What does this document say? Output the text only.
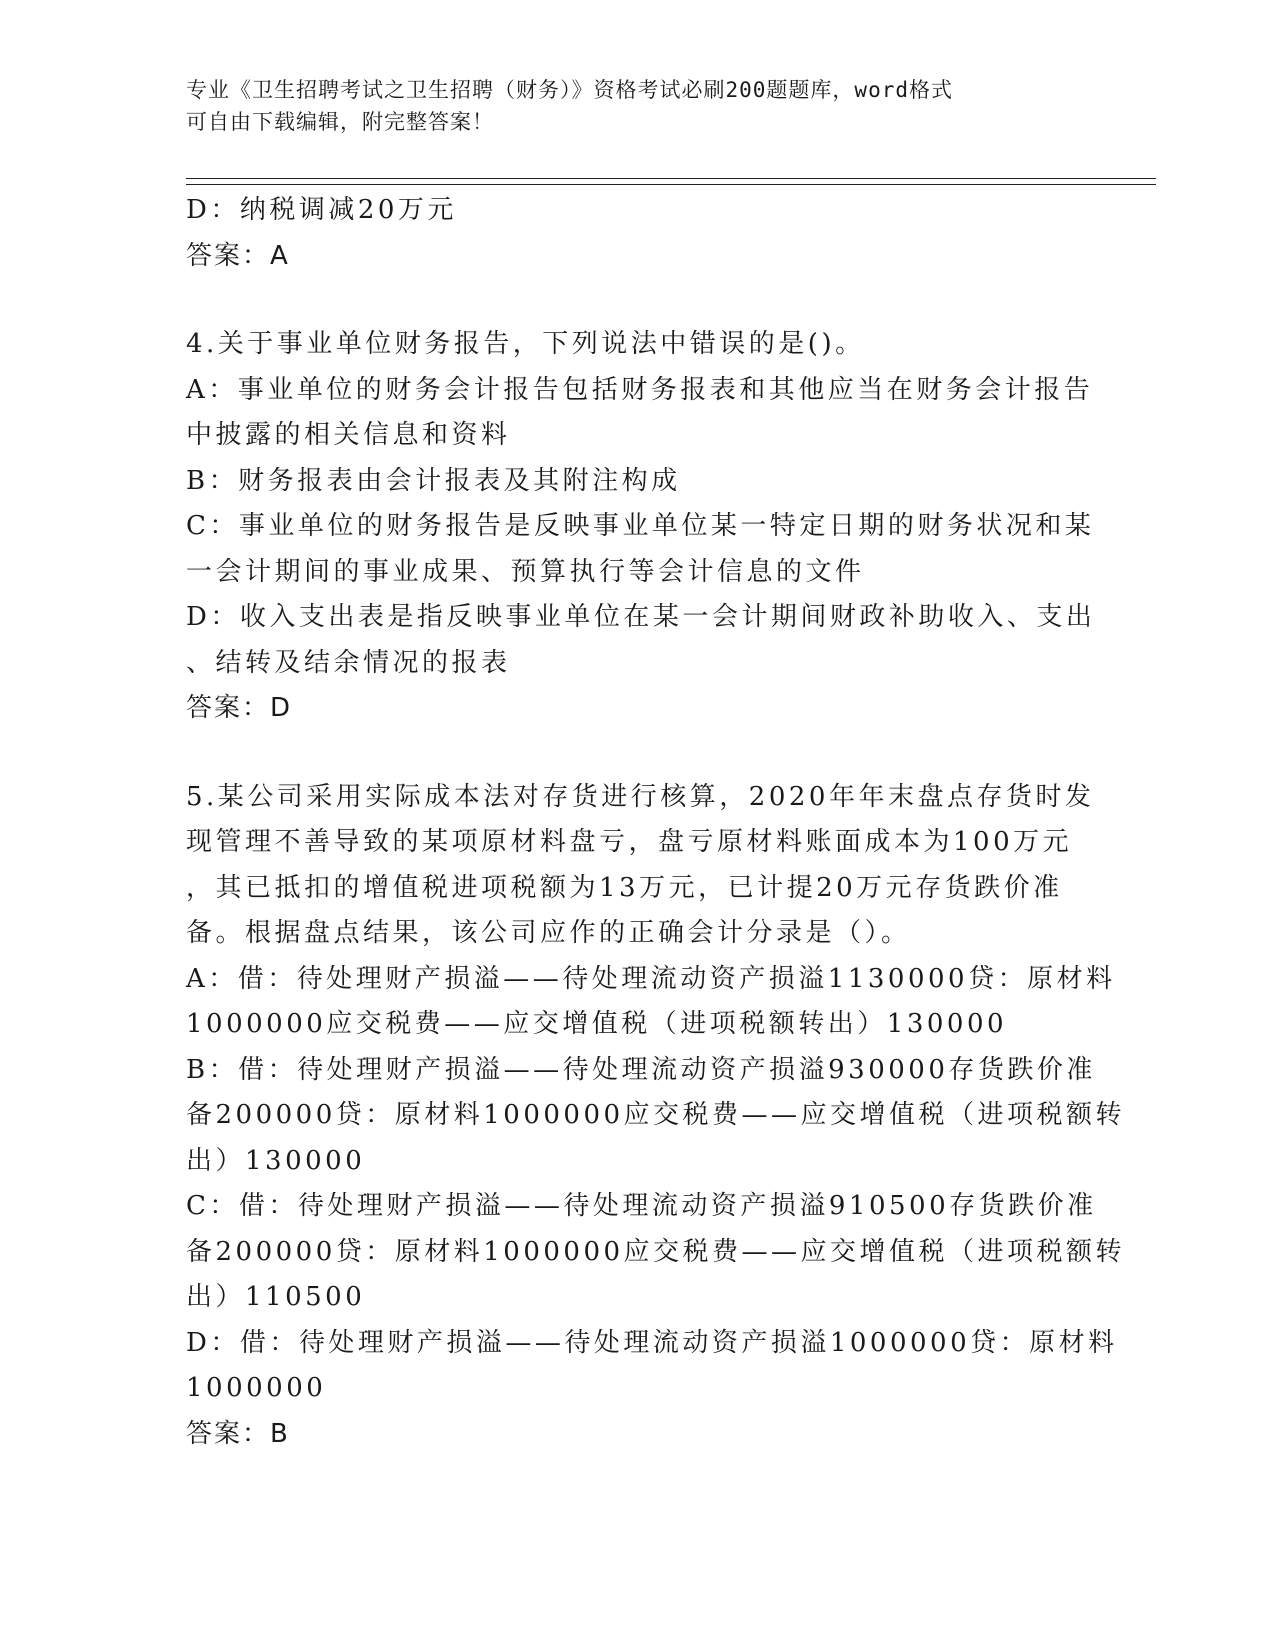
专业《卫生招聘考试之卫生招聘（财务）》资格考试必刷200题题库，word格式
可自由下载编辑，附完整答案！
D：纳税调减20万元
答案：A
4.关于事业单位财务报告，下列说法中错误的是()。
A：事业单位的财务会计报告包括财务报表和其他应当在财务会计报告
中披露的相关信息和资料
B：财务报表由会计报表及其附注构成
C：事业单位的财务报告是反映事业单位某一特定日期的财务状况和某
一会计期间的事业成果、预算执行等会计信息的文件
D：收入支出表是指反映事业单位在某一会计期间财政补助收入、支出
、结转及结余情况的报表
答案：D
5.某公司采用实际成本法对存货进行核算，2020年年末盘点存货时发
现管理不善导致的某项原材料盘亏，盘亏原材料账面成本为100万元
，其已抵扣的增值税进项税额为13万元，已计提20万元存货跌价准
备。根据盘点结果，该公司应作的正确会计分录是（）。
A：借：待处理财产损溢——待处理流动资产损溢1130000贷：原材料
1000000应交税费——应交增值税（进项税额转出）130000
B：借：待处理财产损溢——待处理流动资产损溢930000存货跌价准
备200000贷：原材料1000000应交税费——应交增值税（进项税额转
出）130000
C：借：待处理财产损溢——待处理流动资产损溢910500存货跌价准
备200000贷：原材料1000000应交税费——应交增值税（进项税额转
出）110500
D：借：待处理财产损溢——待处理流动资产损溢1000000贷：原材料
1000000
答案：B
